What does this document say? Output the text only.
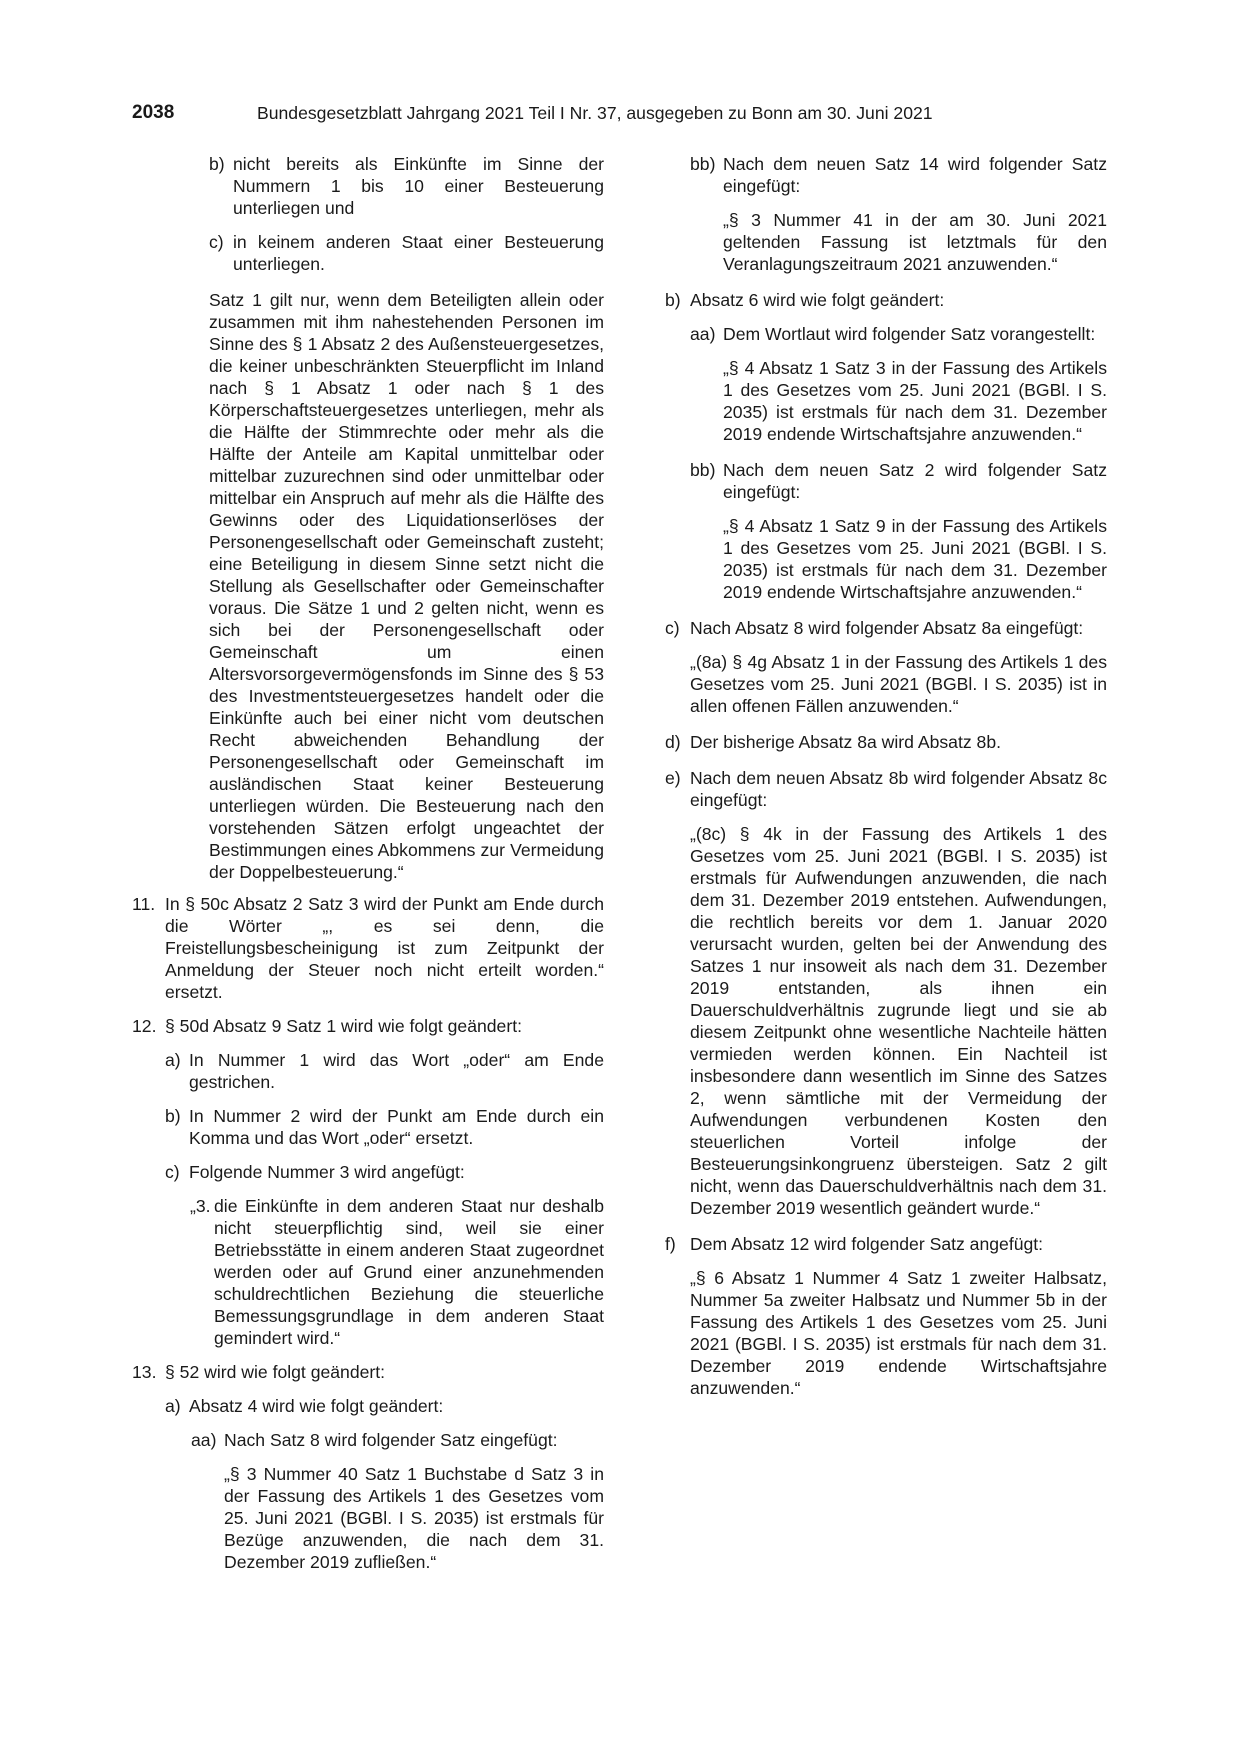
2038	Bundesgesetzblatt Jahrgang 2021 Teil I Nr. 37, ausgegeben zu Bonn am 30. Juni 2021
b) nicht bereits als Einkünfte im Sinne der Nummern 1 bis 10 einer Besteuerung unterliegen und
c) in keinem anderen Staat einer Besteuerung unterliegen.
Satz 1 gilt nur, wenn dem Beteiligten allein oder zusammen mit ihm nahestehenden Personen im Sinne des § 1 Absatz 2 des Außensteuergesetzes, die keiner unbeschränkten Steuerpflicht im Inland nach § 1 Absatz 1 oder nach § 1 des Körperschaftsteuergesetzes unterliegen, mehr als die Hälfte der Stimmrechte oder mehr als die Hälfte der Anteile am Kapital unmittelbar oder mittelbar zuzurechnen sind oder unmittelbar oder mittelbar ein Anspruch auf mehr als die Hälfte des Gewinns oder des Liquidationserlöses der Personengesellschaft oder Gemeinschaft zusteht; eine Beteiligung in diesem Sinne setzt nicht die Stellung als Gesellschafter oder Gemeinschafter voraus. Die Sätze 1 und 2 gelten nicht, wenn es sich bei der Personengesellschaft oder Gemeinschaft um einen Altersvorsorgevermögensfonds im Sinne des § 53 des Investmentsteuergesetzes handelt oder die Einkünfte auch bei einer nicht vom deutschen Recht abweichenden Behandlung der Personengesellschaft oder Gemeinschaft im ausländischen Staat keiner Besteuerung unterliegen würden. Die Besteuerung nach den vorstehenden Sätzen erfolgt ungeachtet der Bestimmungen eines Abkommens zur Vermeidung der Doppelbesteuerung.“
11. In § 50c Absatz 2 Satz 3 wird der Punkt am Ende durch die Wörter „, es sei denn, die Freistellungsbescheinigung ist zum Zeitpunkt der Anmeldung der Steuer noch nicht erteilt worden.“ ersetzt.
12. § 50d Absatz 9 Satz 1 wird wie folgt geändert:
a) In Nummer 1 wird das Wort „oder“ am Ende gestrichen.
b) In Nummer 2 wird der Punkt am Ende durch ein Komma und das Wort „oder“ ersetzt.
c) Folgende Nummer 3 wird angefügt:
„3. die Einkünfte in dem anderen Staat nur deshalb nicht steuerpflichtig sind, weil sie einer Betriebsstätte in einem anderen Staat zugeordnet werden oder auf Grund einer anzunehmenden schuldrechtlichen Beziehung die steuerliche Bemessungsgrundlage in dem anderen Staat gemindert wird.“
13. § 52 wird wie folgt geändert:
a) Absatz 4 wird wie folgt geändert:
aa) Nach Satz 8 wird folgender Satz eingefügt:
„§ 3 Nummer 40 Satz 1 Buchstabe d Satz 3 in der Fassung des Artikels 1 des Gesetzes vom 25. Juni 2021 (BGBl. I S. 2035) ist erstmals für Bezüge anzuwenden, die nach dem 31. Dezember 2019 zufließen.“
bb) Nach dem neuen Satz 14 wird folgender Satz eingefügt:
„§ 3 Nummer 41 in der am 30. Juni 2021 geltenden Fassung ist letztmals für den Veranlagungszeitraum 2021 anzuwenden.“
b) Absatz 6 wird wie folgt geändert:
aa) Dem Wortlaut wird folgender Satz vorangestellt:
„§ 4 Absatz 1 Satz 3 in der Fassung des Artikels 1 des Gesetzes vom 25. Juni 2021 (BGBl. I S. 2035) ist erstmals für nach dem 31. Dezember 2019 endende Wirtschaftsjahre anzuwenden.“
bb) Nach dem neuen Satz 2 wird folgender Satz eingefügt:
„§ 4 Absatz 1 Satz 9 in der Fassung des Artikels 1 des Gesetzes vom 25. Juni 2021 (BGBl. I S. 2035) ist erstmals für nach dem 31. Dezember 2019 endende Wirtschaftsjahre anzuwenden.“
c) Nach Absatz 8 wird folgender Absatz 8a eingefügt:
„(8a) § 4g Absatz 1 in der Fassung des Artikels 1 des Gesetzes vom 25. Juni 2021 (BGBl. I S. 2035) ist in allen offenen Fällen anzuwenden.“
d) Der bisherige Absatz 8a wird Absatz 8b.
e) Nach dem neuen Absatz 8b wird folgender Absatz 8c eingefügt:
„(8c) § 4k in der Fassung des Artikels 1 des Gesetzes vom 25. Juni 2021 (BGBl. I S. 2035) ist erstmals für Aufwendungen anzuwenden, die nach dem 31. Dezember 2019 entstehen. Aufwendungen, die rechtlich bereits vor dem 1. Januar 2020 verursacht wurden, gelten bei der Anwendung des Satzes 1 nur insoweit als nach dem 31. Dezember 2019 entstanden, als ihnen ein Dauerschuldverhältnis zugrunde liegt und sie ab diesem Zeitpunkt ohne wesentliche Nachteile hätten vermieden werden können. Ein Nachteil ist insbesondere dann wesentlich im Sinne des Satzes 2, wenn sämtliche mit der Vermeidung der Aufwendungen verbundenen Kosten den steuerlichen Vorteil infolge der Besteuerungsinkongruenz übersteigen. Satz 2 gilt nicht, wenn das Dauerschuldverhältnis nach dem 31. Dezember 2019 wesentlich geändert wurde.“
f) Dem Absatz 12 wird folgender Satz angefügt:
„§ 6 Absatz 1 Nummer 4 Satz 1 zweiter Halbsatz, Nummer 5a zweiter Halbsatz und Nummer 5b in der Fassung des Artikels 1 des Gesetzes vom 25. Juni 2021 (BGBl. I S. 2035) ist erstmals für nach dem 31. Dezember 2019 endende Wirtschaftsjahre anzuwenden.“
